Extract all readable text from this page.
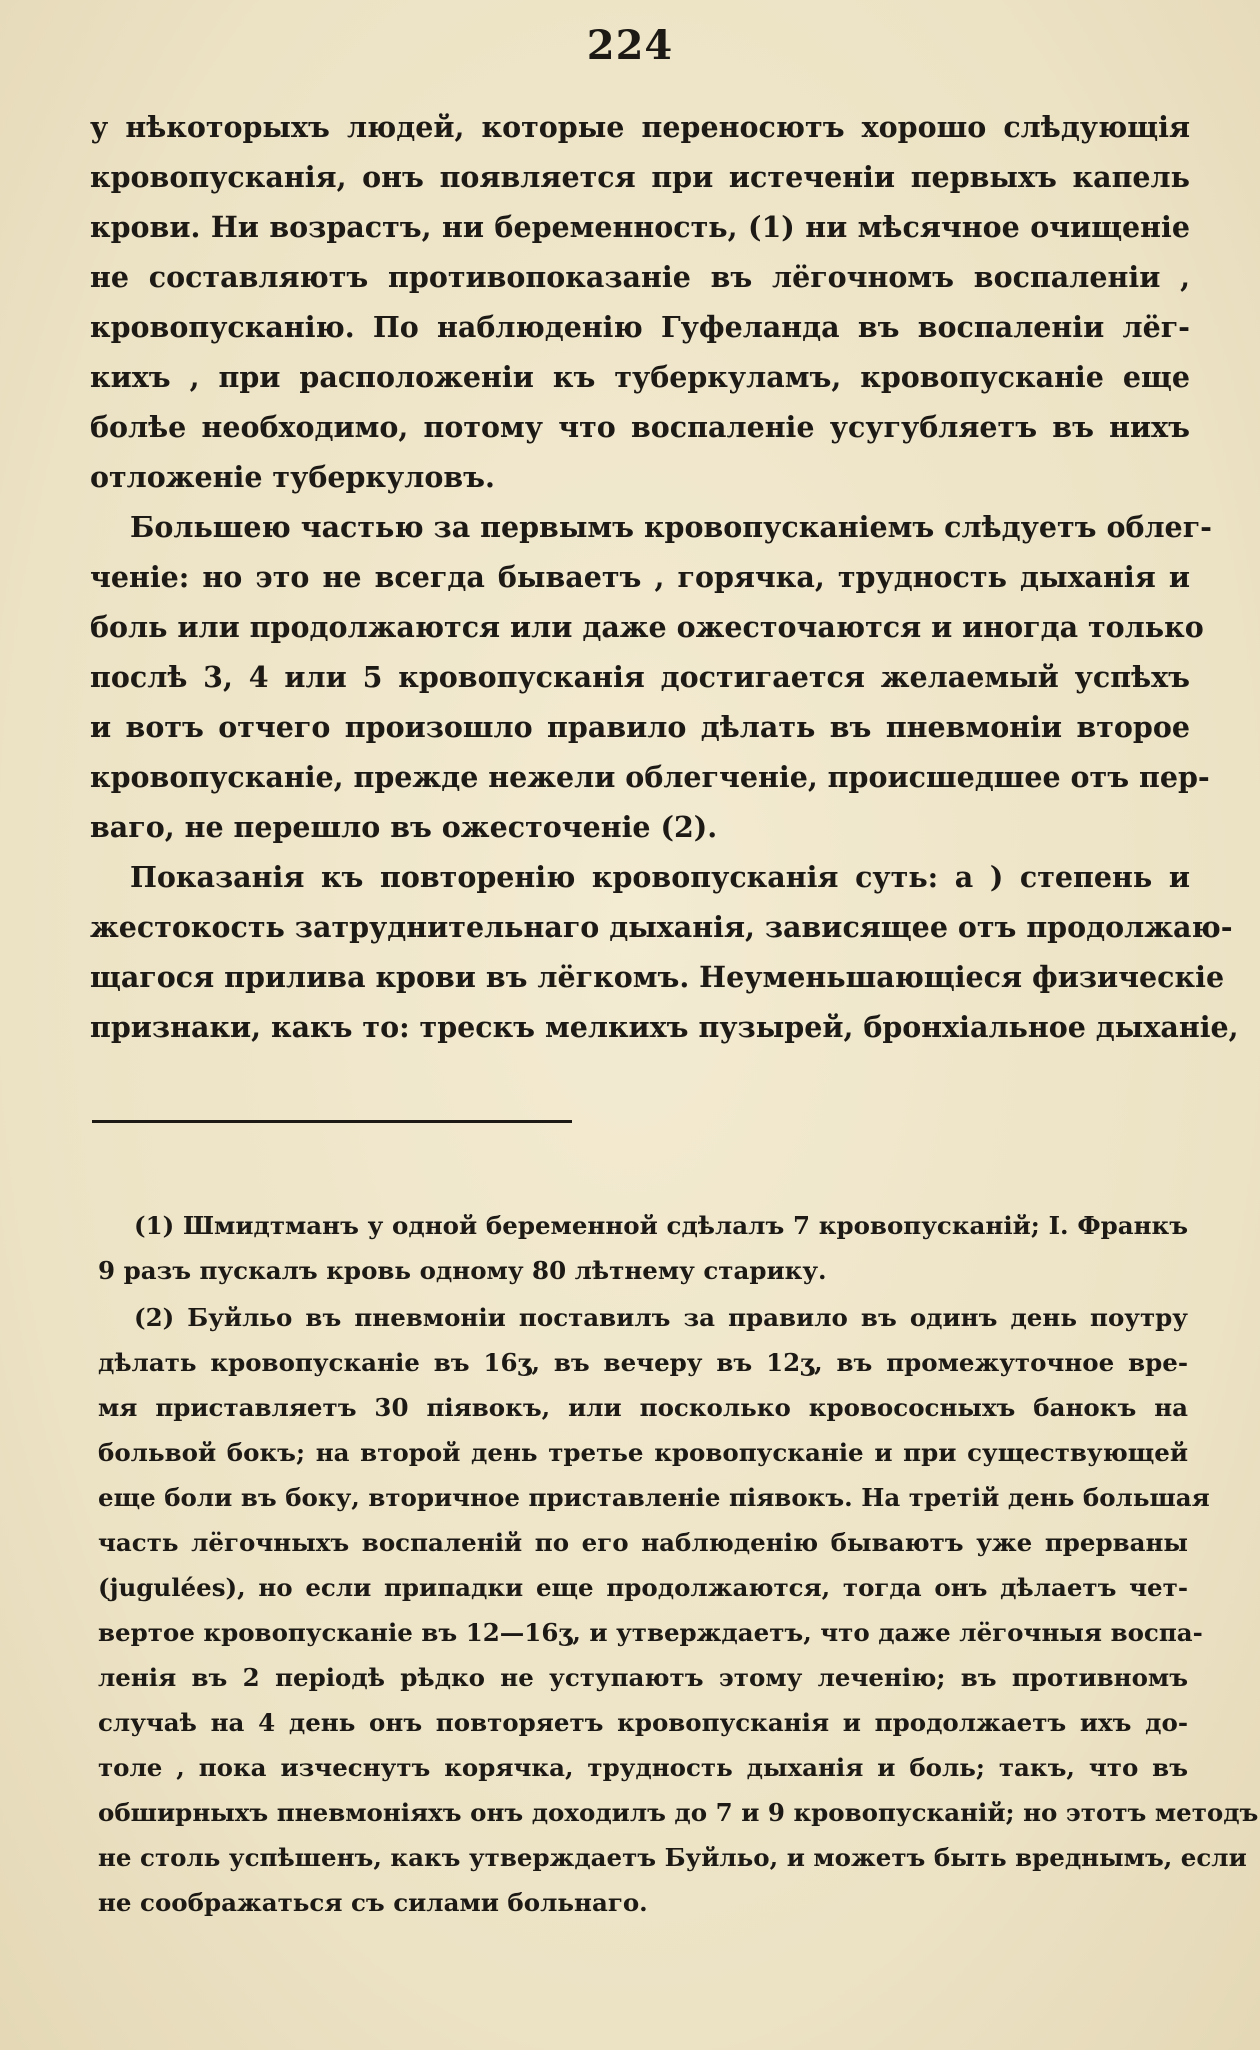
224
у нѣкоторыхъ людей, которые переносютъ хорошо слѣдующія
кровопусканія, онъ появляется при истеченіи первыхъ капель
крови. Ни возрастъ, ни беременность, (1) ни мѣсячное очищеніе
не составляютъ противопоказаніе въ лёгочномъ воспаленіи ,
кровопусканію. По наблюденію Гуфеланда въ воспаленіи лёг-
кихъ , при расположеніи къ туберкуламъ, кровопусканіе еще
болѣе необходимо, потому что воспаленіе усугубляетъ въ нихъ
отложеніе туберкуловъ.
Большею частью за первымъ кровопусканіемъ слѣдуетъ облег-
ченіе: но это не всегда бываетъ , горячка, трудность дыханія и
боль или продолжаются или даже ожесточаются и иногда только
послѣ 3, 4 или 5 кровопусканія достигается желаемый успѣхъ
и вотъ отчего произошло правило дѣлать въ пневмоніи второе
кровопусканіе, прежде нежели облегченіе, происшедшее отъ пер-
ваго, не перешло въ ожесточеніе (2).
Показанія къ повторенію кровопусканія суть: а ) степень и
жестокость затруднительнаго дыханія, зависящее отъ продолжаю-
щагося прилива крови въ лёгкомъ. Неуменьшающіеся физическіе
признаки, какъ то: трескъ мелкихъ пузырей, бронхіальное дыханіе,
(1) Шмидтманъ у одной беременной сдѣлалъ 7 кровопусканій; I. Франкъ
9 разъ пускалъ кровь одному 80 лѣтнему старику.
(2) Буйльо въ пневмоніи поставилъ за правило въ одинъ день поутру
дѣлать кровопусканіе въ 16ʒ, въ вечеру въ 12ʒ, въ промежуточное вре-
мя приставляетъ 30 піявокъ, или посколько кровососныхъ банокъ на
больвой бокъ; на второй день третье кровопусканіе и при существующей
еще боли въ боку, вторичное приставленіе піявокъ. На третій день большая
часть лёгочныхъ воспаленій по его наблюденію бываютъ уже прерваны
(jugulées), но если припадки еще продолжаются, тогда онъ дѣлаетъ чет-
вертое кровопусканіе въ 12—16ʒ, и утверждаетъ, что даже лёгочныя воспа-
ленія въ 2 періодѣ рѣдко не уступаютъ этому леченію; въ противномъ
случаѣ на 4 день онъ повторяетъ кровопусканія и продолжаетъ ихъ до-
толе , пока изчеснутъ корячка, трудность дыханія и боль; такъ, что въ
обширныхъ пневмоніяхъ онъ доходилъ до 7 и 9 кровопусканій; но этотъ методъ
не столь успѣшенъ, какъ утверждаетъ Буйльо, и можетъ быть вреднымъ, если
не соображаться съ силами больнаго.
